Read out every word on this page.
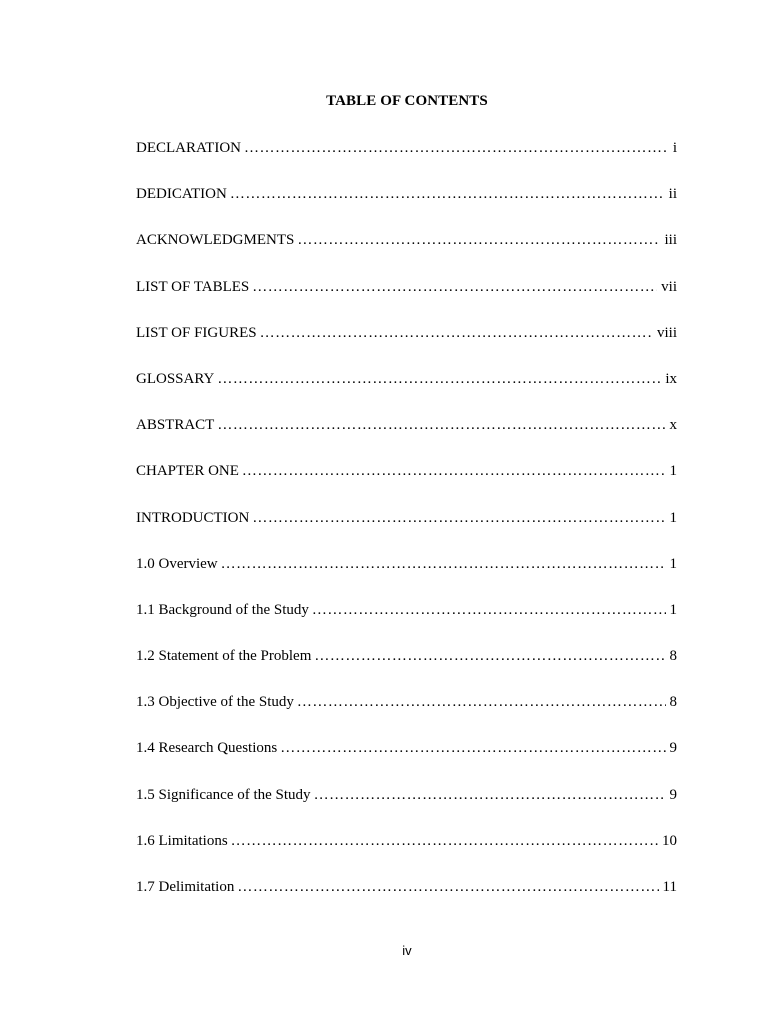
TABLE OF CONTENTS
DECLARATION ……………………………………………………………………………………………………………………………………………………	i
DEDICATION ……………………………………………………………………………………………………………………………………………………	ii
ACKNOWLEDGMENTS ……………………………………………………………………………………………………………………………………………………	iii
LIST OF TABLES ……………………………………………………………………………………………………………………………………………………	vii
LIST OF FIGURES ……………………………………………………………………………………………………………………………………………………	viii
GLOSSARY ……………………………………………………………………………………………………………………………………………………	ix
ABSTRACT ……………………………………………………………………………………………………………………………………………………	x
CHAPTER ONE ……………………………………………………………………………………………………………………………………………………	1
INTRODUCTION ……………………………………………………………………………………………………………………………………………………	1
1.0 Overview ……………………………………………………………………………………………………………………………………………………	1
1.1 Background of the Study ……………………………………………………………………………………………………………………………………………………	1
1.2 Statement of the Problem ……………………………………………………………………………………………………………………………………………………	8
1.3 Objective of the Study ……………………………………………………………………………………………………………………………………………………	8
1.4 Research Questions ……………………………………………………………………………………………………………………………………………………	9
1.5 Significance of the Study ……………………………………………………………………………………………………………………………………………………	9
1.6 Limitations ……………………………………………………………………………………………………………………………………………………	10
1.7 Delimitation ……………………………………………………………………………………………………………………………………………………	11
iv
